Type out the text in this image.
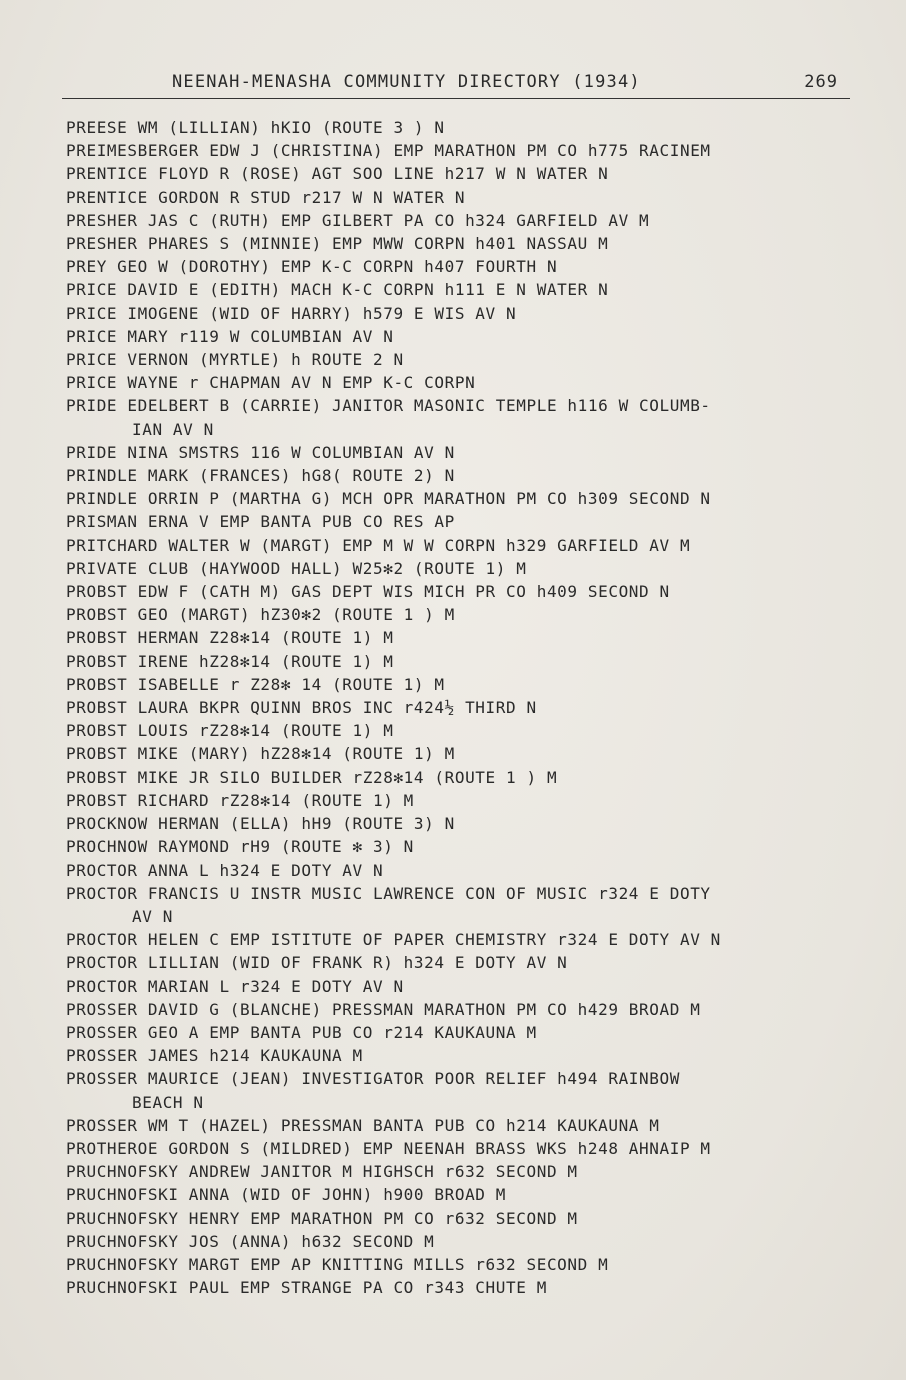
NEENAH-MENASHA COMMUNITY DIRECTORY (1934)	269
PREESE WM (LILLIAN) hKIO (ROUTE 3 ) N
PREIMESBERGER EDW J (CHRISTINA) EMP MARATHON PM CO h775 RACINEM
PRENTICE FLOYD R (ROSE) AGT SOO LINE h217 W N WATER N
PRENTICE GORDON R STUD r217 W N WATER N
PRESHER JAS C (RUTH) EMP GILBERT PA CO h324 GARFIELD AV M
PRESHER PHARES S (MINNIE) EMP MWW CORPN h401 NASSAU M
PREY GEO W (DOROTHY) EMP K-C CORPN h407 FOURTH N
PRICE DAVID E (EDITH) MACH K-C CORPN h111 E N WATER N
PRICE IMOGENE (WID OF HARRY) h579 E WIS AV N
PRICE MARY r119 W COLUMBIAN AV N
PRICE VERNON (MYRTLE) h ROUTE 2 N
PRICE WAYNE r CHAPMAN AV N EMP K-C CORPN
PRIDE EDELBERT B (CARRIE) JANITOR MASONIC TEMPLE h116 W COLUMB-
IAN AV N
PRIDE NINA SMSTRS 116 W COLUMBIAN AV N
PRINDLE MARK (FRANCES) hG8( ROUTE 2) N
PRINDLE ORRIN P (MARTHA G) MCH OPR MARATHON PM CO h309 SECOND N
PRISMAN ERNA V EMP BANTA PUB CO RES AP
PRITCHARD WALTER W (MARGT) EMP M W W CORPN h329 GARFIELD AV M
PRIVATE CLUB (HAYWOOD HALL) W25✻2 (ROUTE 1) M
PROBST EDW F (CATH M) GAS DEPT WIS MICH PR CO h409 SECOND N
PROBST GEO (MARGT) hZ30✻2 (ROUTE 1 ) M
PROBST HERMAN Z28✻14 (ROUTE 1) M
PROBST IRENE hZ28✻14 (ROUTE 1) M
PROBST ISABELLE r Z28✻ 14 (ROUTE 1) M
PROBST LAURA BKPR QUINN BROS INC r424½ THIRD N
PROBST LOUIS rZ28✻14 (ROUTE 1) M
PROBST MIKE (MARY) hZ28✻14 (ROUTE 1) M
PROBST MIKE JR SILO BUILDER rZ28✻14 (ROUTE 1 ) M
PROBST RICHARD rZ28✻14 (ROUTE 1) M
PROCKNOW HERMAN (ELLA) hH9 (ROUTE 3) N
PROCHNOW RAYMOND rH9 (ROUTE ✻ 3) N
PROCTOR ANNA L h324 E DOTY AV N
PROCTOR FRANCIS U INSTR MUSIC LAWRENCE CON OF MUSIC r324 E DOTY
AV N
PROCTOR HELEN C EMP ISTITUTE OF PAPER CHEMISTRY r324 E DOTY AV N
PROCTOR LILLIAN (WID OF FRANK R) h324 E DOTY AV N
PROCTOR MARIAN L r324 E DOTY AV N
PROSSER DAVID G (BLANCHE) PRESSMAN MARATHON PM CO h429 BROAD M
PROSSER GEO A EMP BANTA PUB CO r214 KAUKAUNA M
PROSSER JAMES h214 KAUKAUNA M
PROSSER MAURICE (JEAN) INVESTIGATOR POOR RELIEF h494 RAINBOW
BEACH N
PROSSER WM T (HAZEL) PRESSMAN BANTA PUB CO h214 KAUKAUNA M
PROTHEROE GORDON S (MILDRED) EMP NEENAH BRASS WKS h248 AHNAIP M
PRUCHNOFSKY ANDREW JANITOR M HIGHSCH r632 SECOND M
PRUCHNOFSKI ANNA (WID OF JOHN) h900 BROAD M
PRUCHNOFSKY HENRY EMP MARATHON PM CO r632 SECOND M
PRUCHNOFSKY JOS (ANNA) h632 SECOND M
PRUCHNOFSKY MARGT EMP AP KNITTING MILLS r632 SECOND M
PRUCHNOFSKI PAUL EMP STRANGE PA CO r343 CHUTE M
